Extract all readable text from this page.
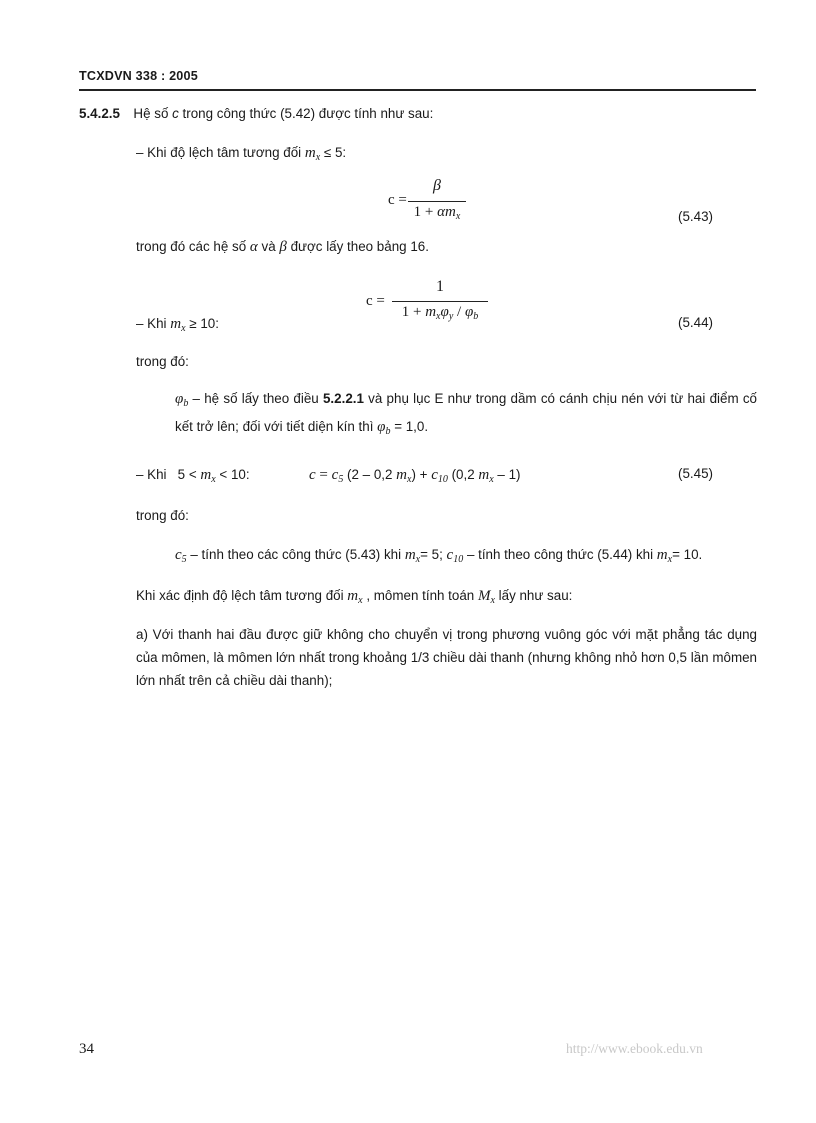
TCXDVN 338 : 2005
5.4.2.5 Hệ số c trong công thức (5.42) được tính như sau:
– Khi độ lệch tâm tương đối $m_x \le 5$:
c =
β
$1 + \alpha m_x$	(5.43)
trong đó các hệ số α và β được lấy theo bảng 16.
c =
1
$1 + m_x\varphi_y / \varphi_b$
– Khi $m_x \ge 10$:	(5.44)
trong đó:
$\varphi_b$ – hệ số lấy theo điều 5.2.2.1 và phụ lục E như trong dầm có cánh chịu nén với từ hai điểm cố kết trở lên; đối với tiết diện kín thì $\varphi_b = 1,0$.
– Khi   $5 < m_x < 10$:	$c = c_5$ (2 – 0,2 $m_x) + c_{10}$ (0,2 $m_x - 1$)	(5.45)
trong đó:
$c_5$ – tính theo các công thức (5.43) khi $m_x= 5$; $c_{10}$ – tính theo công thức (5.44) khi $m_x= 10$.
Khi xác định độ lệch tâm tương đối $m_x$ , mômen tính toán $M_x$ lấy như sau:
a) Với thanh hai đầu được giữ không cho chuyển vị trong phương vuông góc với mặt phẳng tác dụng của mômen, là mômen lớn nhất trong khoảng 1/3 chiều dài thanh (nhưng không nhỏ hơn 0,5 lần mômen lớn nhất trên cả chiều dài thanh);
34	http://www.ebook.edu.vn
